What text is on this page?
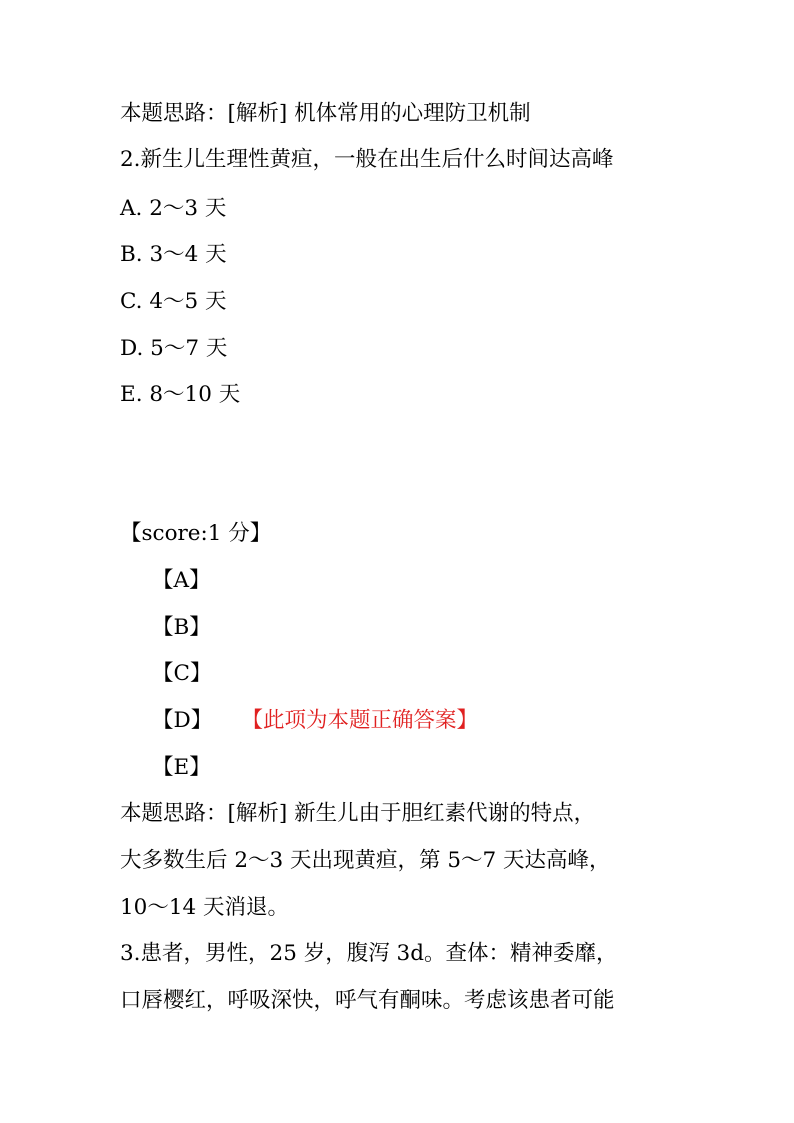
本题思路：[解析] 机体常用的心理防卫机制
2.新生儿生理性黄疸，一般在出生后什么时间达高峰
A. 2～3 天
B. 3～4 天
C. 4～5 天
D. 5～7 天
E. 8～10 天
【score:1 分】
【A】
【B】
【C】
【D】 【此项为本题正确答案】
【E】
本题思路：[解析] 新生儿由于胆红素代谢的特点，
大多数生后 2～3 天出现黄疸，第 5～7 天达高峰，
10～14 天消退。
3.患者，男性，25 岁，腹泻 3d。查体：精神委靡，
口唇樱红，呼吸深快，呼气有酮味。考虑该患者可能
